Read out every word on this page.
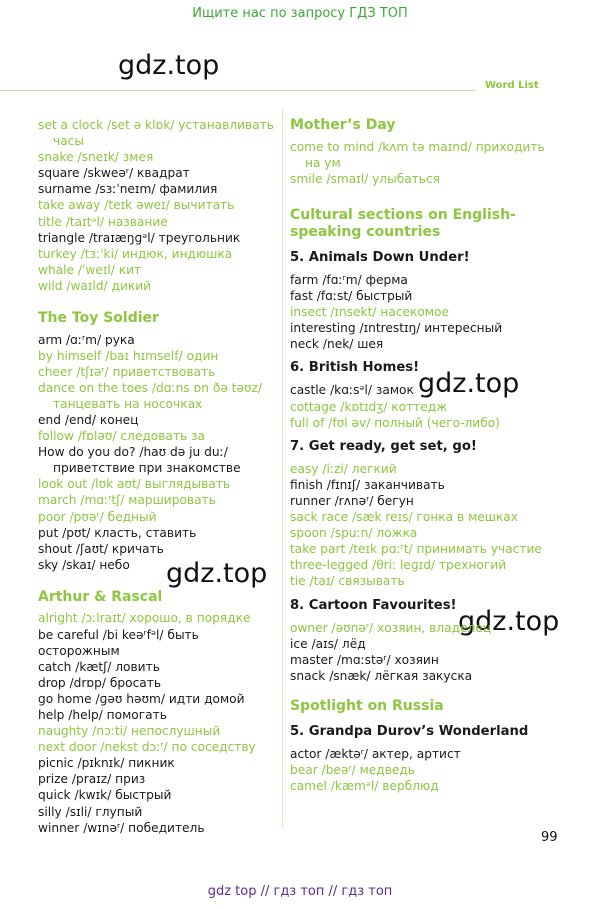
Ищите нас по запросу ГДЗ ТОП
gdz.top
gdz.top
gdz.top
gdz.top
Word List
set a clock /set ə klɒk/ устанавливать
часы
snake /sneɪk/ змея
square /skweəʳ/ квадрат
surname /sɜːˈneɪm/ фамилия
take away /teɪk əweɪ/ вычитать
title /taɪtᵊl/ название
triangle /traɪæŋɡᵊl/ треугольник
turkey /tɜːˈki/ индюк, индюшка
whale /ˈweɪl/ кит
wild /waɪld/ дикий
The Toy Soldier
arm /ɑːʳm/ рука
by himself /baɪ hɪmself/ один
cheer /tʃɪəʳ/ приветствовать
dance on the toes /dɑːns ɒn ðə təʊz/
танцевать на носочках
end /end/ конец
follow /fɒləʊ/ следовать за
How do you do? /haʊ də ju duː/
приветствие при знакомстве
look out /lʊk aʊt/ выглядывать
march /mɑːʳtʃ/ маршировать
poor /pʊəʳ/ бедный
put /pʊt/ класть, ставить
shout /ʃaʊt/ кричать
sky /skaɪ/ небо
Arthur & Rascal
alright /ɔːlraɪt/ хорошо, в порядке
be careful /bi keəʳfᵊl/ быть осторожным
catch /kætʃ/ ловить
drop /drɒp/ бросать
go home /ɡəʊ həʊm/ идти домой
help /help/ помогать
naughty /nɔːti/ непослушный
next door /nekst dɔːʳ/ по соседству
picnic /pɪknɪk/ пикник
prize /praɪz/ приз
quick /kwɪk/ быстрый
silly /sɪli/ глупый
winner /wɪnəʳ/ победитель
Mother’s Day
come to mind /kʌm tə maɪnd/ приходить
на ум
smile /smaɪl/ улыбаться
Cultural sections on English-speaking countries
5. Animals Down Under!
farm /fɑːʳm/ ферма
fast /fɑːst/ быстрый
insect /ɪnsekt/ насекомое
interesting /ɪntrestɪŋ/ интересный
neck /nek/ шея
6. British Homes!
castle /kɑːsᵊl/ замок
cottage /kɒtɪdʒ/ коттедж
full of /fʊl əv/ полный (чего-либо)
7. Get ready, get set, go!
easy /iːzi/ легкий
finish /fɪnɪʃ/ заканчивать
runner /rʌnəʳ/ бегун
sack race /sæk reɪs/ гонка в мешках
spoon /spuːn/ ложка
take part /teɪk pɑːʳt/ принимать участие
three-legged /θriː leɡɪd/ трехногий
tie /taɪ/ связывать
8. Cartoon Favourites!
owner /əʊnəʳ/ хозяин, владелец
ice /aɪs/ лёд
master /mɑːstəʳ/ хозяин
snack /snæk/ лёгкая закуска
Spotlight on Russia
5. Grandpa Durov’s Wonderland
actor /æktəʳ/ актер, артист
bear /beəʳ/ медведь
camel /kæmᵊl/ верблюд
99
gdz top // гдз топ // гдз топ
